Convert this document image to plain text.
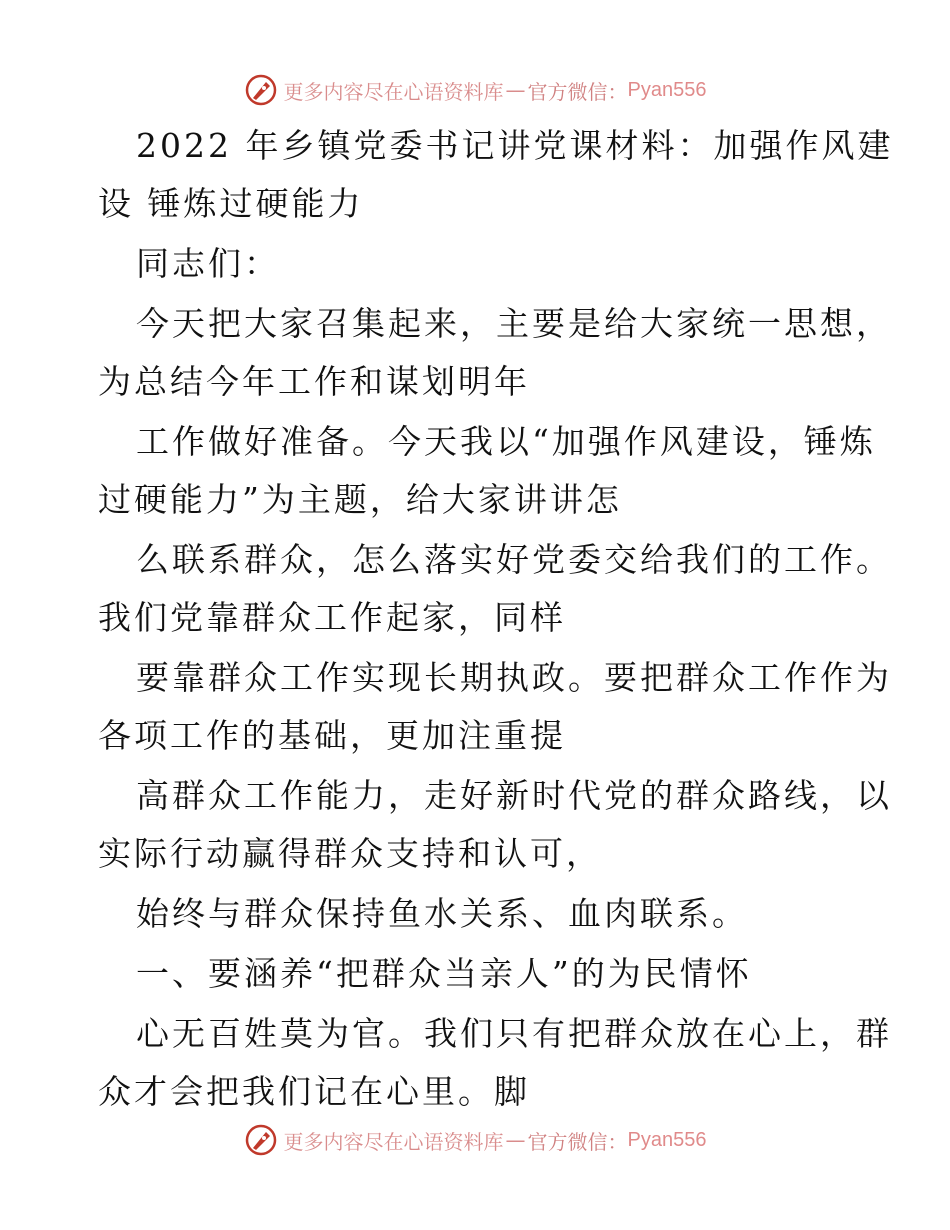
更多内容尽在心语资料库 — 官方微信 ： Pyan556
2022 年乡镇党委书记讲党课材料：加强作风建
设 锤炼过硬能力
同志们：
今天把大家召集起来，主要是给大家统一思想，
为总结今年工作和谋划明年
工作做好准备。今天我以“加强作风建设，锤炼
过硬能力”为主题，给大家讲讲怎
么联系群众，怎么落实好党委交给我们的工作。
我们党靠群众工作起家，同样
要靠群众工作实现长期执政。要把群众工作作为
各项工作的基础，更加注重提
高群众工作能力，走好新时代党的群众路线，以
实际行动赢得群众支持和认可，
始终与群众保持鱼水关系、血肉联系。
一、要涵养“把群众当亲人”的为民情怀
心无百姓莫为官。我们只有把群众放在心上，群
众才会把我们记在心里。脚
更多内容尽在心语资料库 — 官方微信 ： Pyan556
